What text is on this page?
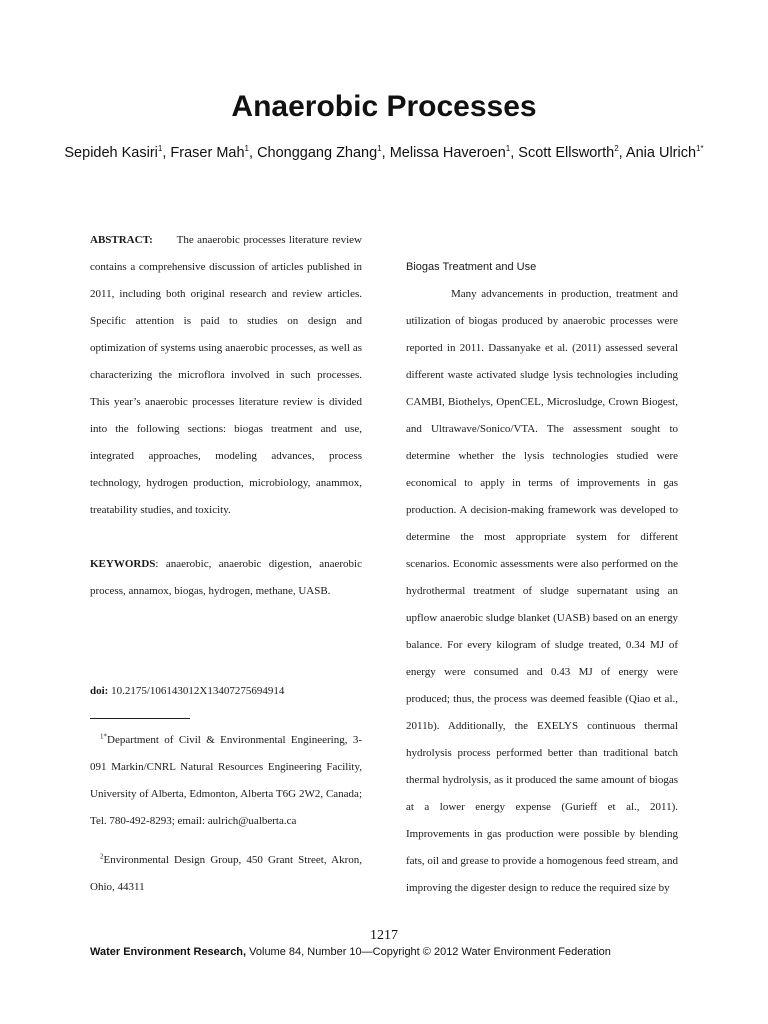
Anaerobic Processes
Sepideh Kasiri$^1$, Fraser Mah$^1$, Chonggang Zhang$^1$, Melissa Haveroen$^1$, Scott Ellsworth$^2$, Ania Ulrich$^{1*}$

ABSTRACT: The anaerobic processes literature review contains a comprehensive discussion of articles published in 2011, including both original research and review articles. Specific attention is paid to studies on design and optimization of systems using anaerobic processes, as well as characterizing the microflora involved in such processes. This year’s anaerobic processes literature review is divided into the following sections: biogas treatment and use, integrated approaches, modeling advances, process technology, hydrogen production, microbiology, anammox, treatability studies, and toxicity.

KEYWORDS: anaerobic, anaerobic digestion, anaerobic process, annamox, biogas, hydrogen, methane, UASB.

doi: 10.2175/106143012X13407275694914

$^{1*}$Department of Civil & Environmental Engineering, 3-091 Markin/CNRL Natural Resources Engineering Facility, University of Alberta, Edmonton, Alberta T6G 2W2, Canada; Tel. 780-492-8293; email: aulrich@ualberta.ca

$^2$Environmental Design Group, 450 Grant Street, Akron, Ohio, 44311

Biogas Treatment and Use

Many advancements in production, treatment and utilization of biogas produced by anaerobic processes were reported in 2011. Dassanyake et al. (2011) assessed several different waste activated sludge lysis technologies including CAMBI, Biothelys, OpenCEL, Microsludge, Crown Biogest, and Ultrawave/Sonico/VTA. The assessment sought to determine whether the lysis technologies studied were economical to apply in terms of improvements in gas production. A decision-making framework was developed to determine the most appropriate system for different scenarios. Economic assessments were also performed on the hydrothermal treatment of sludge supernatant using an upflow anaerobic sludge blanket (UASB) based on an energy balance. For every kilogram of sludge treated, 0.34 MJ of energy were consumed and 0.43 MJ of energy were produced; thus, the process was deemed feasible (Qiao et al., 2011b). Additionally, the EXELYS continuous thermal hydrolysis process performed better than traditional batch thermal hydrolysis, as it produced the same amount of biogas at a lower energy expense (Gurieff et al., 2011). Improvements in gas production were possible by blending fats, oil and grease to provide a homogenous feed stream, and improving the digester design to reduce the required size by

1217
Water Environment Research, Volume 84, Number 10—Copyright © 2012 Water Environment Federation
